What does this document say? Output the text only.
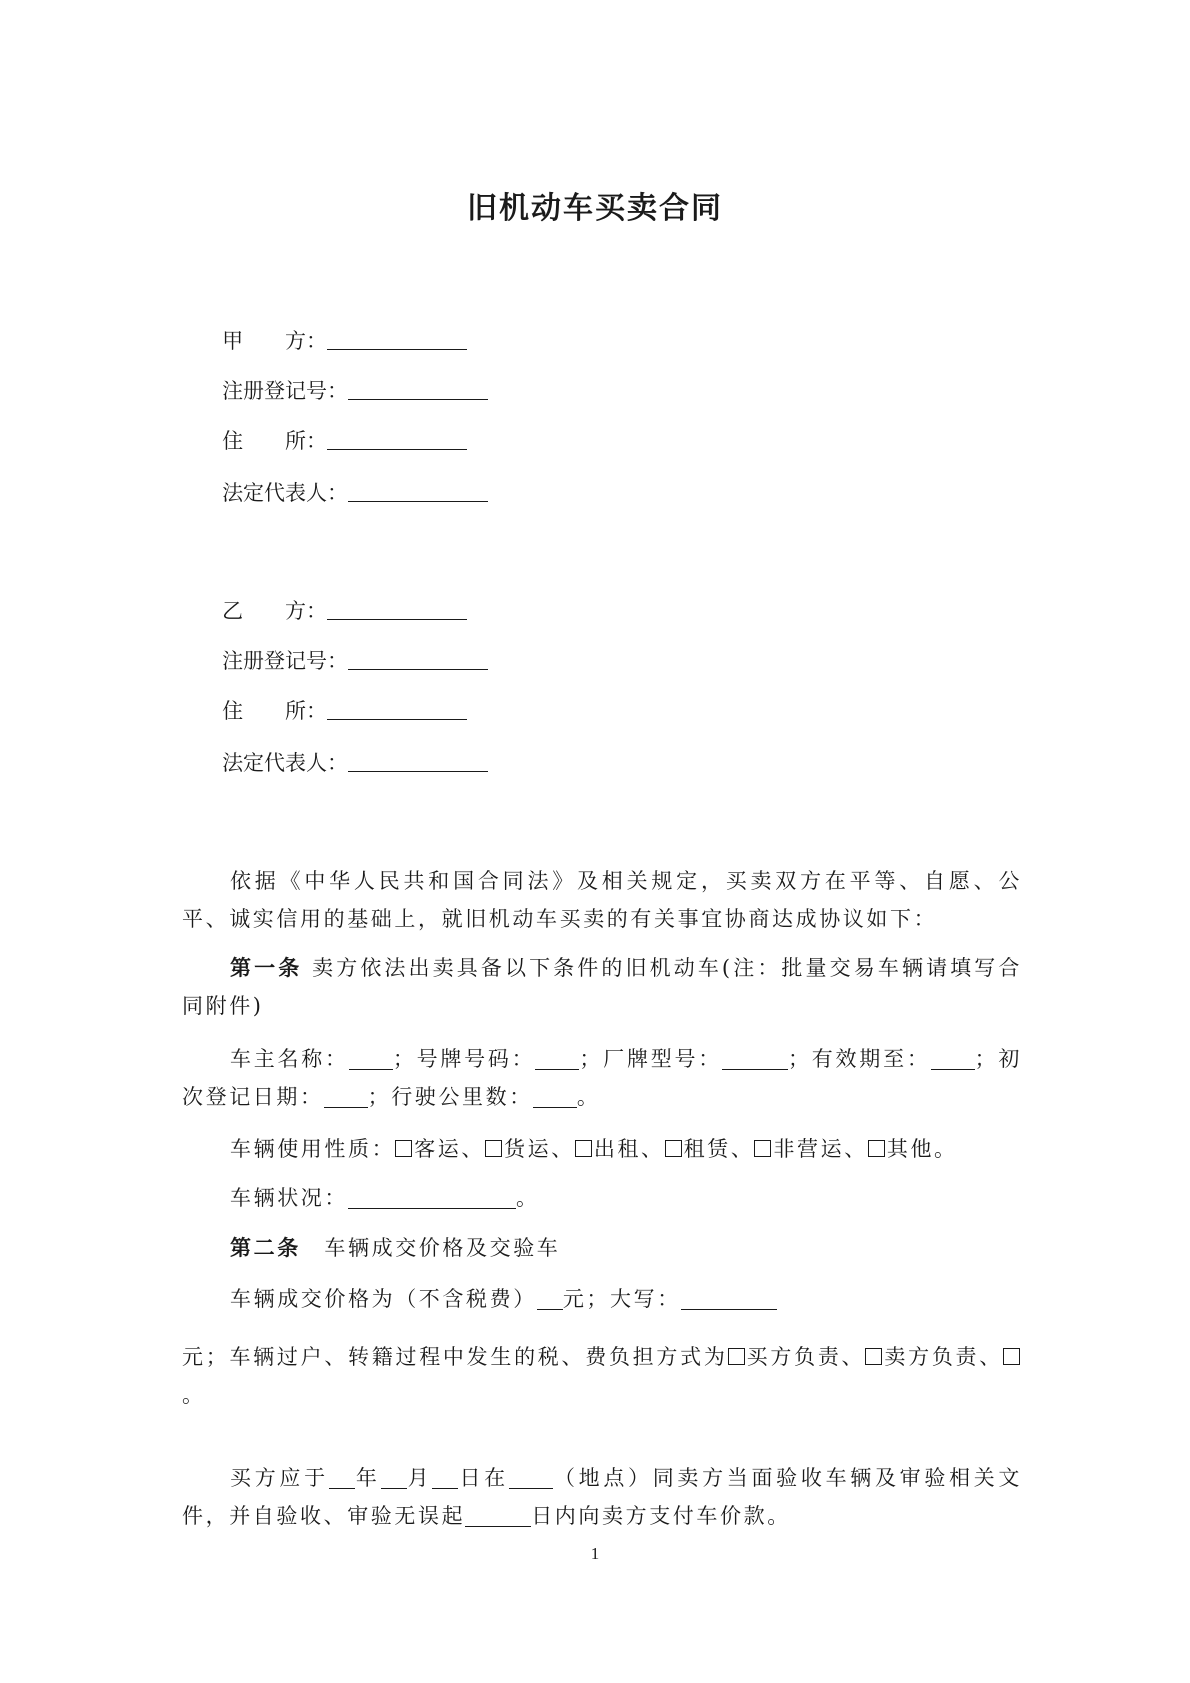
旧机动车买卖合同

甲　　方：

注册登记号：

住　　所：

法定代表人：

乙　　方：

注册登记号：

住　　所：

法定代表人：

依据《中华人民共和国合同法》及相关规定，买卖双方在平等、自愿、公平、诚实信用的基础上，就旧机动车买卖的有关事宜协商达成协议如下：

第一条 卖方依法出卖具备以下条件的旧机动车(注：批量交易车辆请填写合同附件)

车主名称： ；号牌号码： ；厂牌型号：	；有效期至： ；初次登记日期： ；行驶公里数： 。

车辆使用性质： 客运、 货运、 出租、 租赁、 非营运、 其他。

车辆状况：	。

第二条　车辆成交价格及交验车

车辆成交价格为（不含税费） 元；大写：

元；车辆过户、转籍过程中发生的税、费负担方式为 买方负责、 卖方负责、。

买方应于 年 月 日在 （地点）同卖方当面验收车辆及审验相关文件，并自验收、审验无误起	日内向卖方支付车价款。

1
